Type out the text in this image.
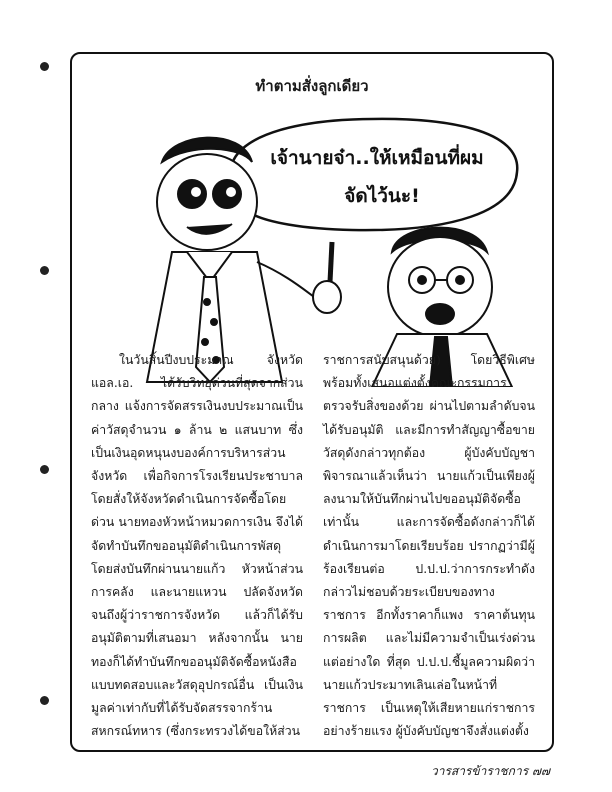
ทำตามสั่งลูกเดียว
เจ้านายจ๋า..ให้เหมือนที่ผม
จัดไว้นะ!

ในวันสิ้นปีงบประมาณ จังหวัดแอล.เอ. ได้รับวิทยุด่วนที่สุดจากส่วนกลาง แจ้งการจัดสรรเงินงบประมาณเป็นค่าวัสดุจำนวน ๑ ล้าน ๒ แสนบาท ซึ่งเป็นเงินอุดหนุนงบองค์การบริหารส่วนจังหวัด เพื่อกิจการโรงเรียนประชาบาล โดยสั่งให้จังหวัดดำเนินการจัดซื้อโดยด่วน นายทองหัวหน้าหมวดการเงิน จึงได้จัดทำบันทึกขออนุมัติดำเนินการพัสดุ โดยส่งบันทึกผ่านนายแก้ว หัวหน้าส่วนการคลัง และนายแหวน ปลัดจังหวัดจนถึงผู้ว่าราชการจังหวัด แล้วก็ได้รับอนุมัติตามที่เสนอมา หลังจากนั้น นายทองก็ได้ทำบันทึกขออนุมัติจัดซื้อหนังสือแบบทดสอบและวัสดุอุปกรณ์อื่น เป็นเงินมูลค่าเท่ากับที่ได้รับจัดสรรจากร้านสหกรณ์ทหาร (ซึ่งกระทรวงได้ขอให้ส่วน

ราชการสนับสนุนด้วย) โดยวิธีพิเศษ พร้อมทั้งเสนอแต่งตั้งคณะกรรมการตรวจรับสิ่งของด้วย ผ่านไปตามลำดับจนได้รับอนุมัติ และมีการทำสัญญาซื้อขายวัสดุดังกล่าวทุกต้อง ผู้บังคับบัญชาพิจารณาแล้วเห็นว่า นายแก้วเป็นเพียงผู้ลงนามให้บันทึกผ่านไปขออนุมัติจัดซื้อเท่านั้น และการจัดซื้อดังกล่าวก็ได้ดำเนินการมาโดยเรียบร้อย ปรากฏว่ามีผู้ร้องเรียนต่อ ป.ป.ป.ว่าการกระทำดังกล่าวไม่ชอบด้วยระเบียบของทางราชการ อีกทั้งราคาก็แพง ราคาต้นทุนการผลิต และไม่มีความจำเป็นเร่งด่วนแต่อย่างใด ที่สุด ป.ป.ป.ชี้มูลความผิดว่า นายแก้วประมาทเลินเล่อในหน้าที่ราชการ เป็นเหตุให้เสียหายแก่ราชการอย่างร้ายแรง ผู้บังคับบัญชาจึงสั่งแต่งตั้ง

วารสารข้าราชการ ๗๗
